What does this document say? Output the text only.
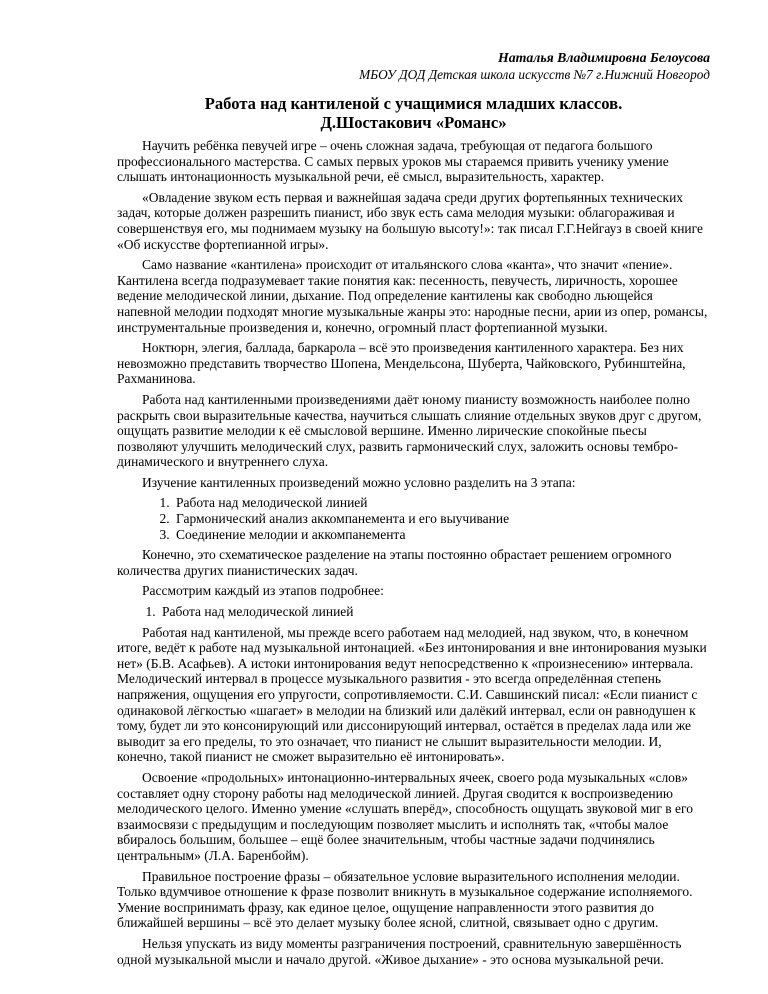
Наталья Владимировна Белоусова
МБОУ ДОД Детская школа искусств №7 г.Нижний Новгород
Работа над кантиленой с учащимися младших классов.
Д.Шостакович «Романс»

Научить ребёнка певучей игре – очень сложная задача, требующая от педагога большого профессионального мастерства. С самых первых уроков мы стараемся привить ученику умение слышать интонационность музыкальной речи, её смысл, выразительность, характер.

«Овладение звуком есть первая и важнейшая задача среди других фортепьянных технических задач, которые должен разрешить пианист, ибо звук есть сама мелодия музыки: облагораживая и совершенствуя его, мы поднимаем музыку на большую высоту!»: так писал Г.Г.Нейгауз в своей книге «Об искусстве фортепианной игры».

Само название «кантилена» происходит от итальянского слова «канта», что значит «пение». Кантилена всегда подразумевает такие понятия как: песенность, певучесть, лиричность, хорошее ведение мелодической линии, дыхание. Под определение кантилены как свободно льющейся напевной мелодии подходят многие музыкальные жанры это: народные песни, арии из опер, романсы, инструментальные произведения и, конечно, огромный пласт фортепианной музыки.

Ноктюрн, элегия, баллада, баркарола – всё это произведения кантиленного характера. Без них невозможно представить творчество Шопена, Мендельсона, Шуберта, Чайковского, Рубинштейна, Рахманинова.

Работа над кантиленными произведениями даёт юному пианисту возможность наиболее полно раскрыть свои выразительные качества, научиться слышать слияние отдельных звуков друг с другом, ощущать развитие мелодии к её смысловой вершине. Именно лирические спокойные пьесы позволяют улучшить мелодический слух, развить гармонический слух, заложить основы тембро-динамического и внутреннего слуха.

Изучение кантиленных произведений можно условно разделить на 3 этапа:

1. Работа над мелодической линией
2. Гармонический анализ аккомпанемента и его выучивание
3. Соединение мелодии и аккомпанемента

Конечно, это схематическое разделение на этапы постоянно обрастает решением огромного количества других пианистических задач.

Рассмотрим каждый из этапов подробнее:

1. Работа над мелодической линией

Работая над кантиленой, мы прежде всего работаем над мелодией, над звуком, что, в конечном итоге, ведёт к работе над музыкальной интонацией. «Без интонирования и вне интонирования музыки нет» (Б.В. Асафьев). А истоки интонирования ведут непосредственно к «произнесению» интервала. Мелодический интервал в процессе музыкального развития - это всегда определённая степень напряжения, ощущения его упругости, сопротивляемости. С.И. Савшинский писал: «Если пианист с одинаковой лёгкостью «шагает» в мелодии на близкий или далёкий интервал, если он равнодушен к тому, будет ли это консонирующий или диссонирующий интервал, остаётся в пределах лада или же выводит за его пределы, то это означает, что пианист не слышит выразительности мелодии. И, конечно, такой пианист не сможет выразительно её интонировать».

Освоение «продольных» интонационно-интервальных ячеек, своего рода музыкальных «слов» составляет одну сторону работы над мелодической линией. Другая сводится к воспроизведению мелодического целого. Именно умение «слушать вперёд», способность ощущать звуковой миг в его взаимосвязи с предыдущим и последующим позволяет мыслить и исполнять так, «чтобы малое вбиралось большим, большее – ещё более значительным, чтобы частные задачи подчинялись центральным» (Л.А. Баренбойм).

Правильное построение фразы – обязательное условие выразительного исполнения мелодии. Только вдумчивое отношение к фразе позволит вникнуть в музыкальное содержание исполняемого. Умение воспринимать фразу, как единое целое, ощущение направленности этого развития до ближайшей вершины – всё это делает музыку более ясной, слитной, связывает одно с другим.

Нельзя упускать из виду моменты разграничения построений, сравнительную завершённость одной музыкальной мысли и начало другой. «Живое дыхание» - это основа музыкальной речи.
